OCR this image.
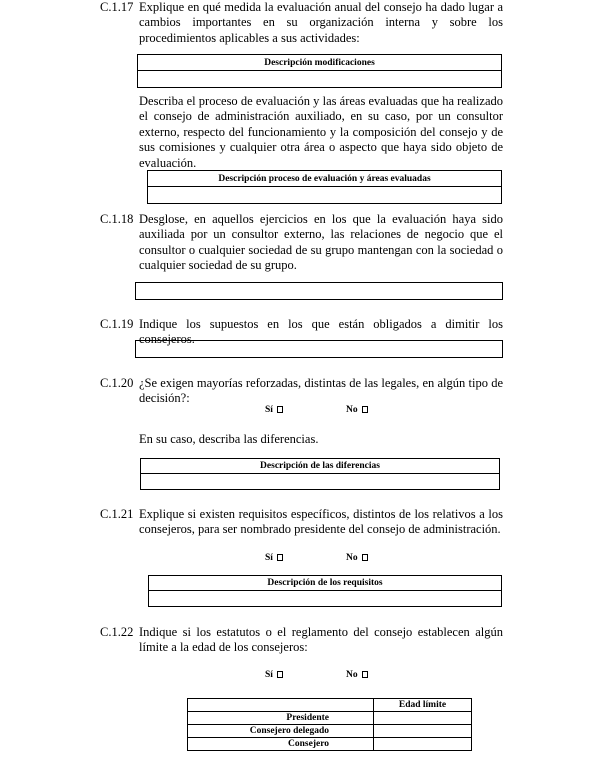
C.1.17 Explique en qué medida la evaluación anual del consejo ha dado lugar a cambios importantes en su organización interna y sobre los procedimientos aplicables a sus actividades:
Descripción modificaciones
Describa el proceso de evaluación y las áreas evaluadas que ha realizado el consejo de administración auxiliado, en su caso, por un consultor externo, respecto del funcionamiento y la composición del consejo y de sus comisiones y cualquier otra área o aspecto que haya sido objeto de evaluación.
Descripción proceso de evaluación y áreas evaluadas
C.1.18 Desglose, en aquellos ejercicios en los que la evaluación haya sido auxiliada por un consultor externo, las relaciones de negocio que el consultor o cualquier sociedad de su grupo mantengan con la sociedad o cualquier sociedad de su grupo.
C.1.19 Indique los supuestos en los que están obligados a dimitir los consejeros.
C.1.20 ¿Se exigen mayorías reforzadas, distintas de las legales, en algún tipo de decisión?:
Sí	No
En su caso, describa las diferencias.
Descripción de las diferencias
C.1.21 Explique si existen requisitos específicos, distintos de los relativos a los consejeros, para ser nombrado presidente del consejo de administración.
Sí	No
Descripción de los requisitos
C.1.22 Indique si los estatutos o el reglamento del consejo establecen algún límite a la edad de los consejeros:
Sí	No
	Edad límite
Presidente	
Consejero delegado	
Consejero	
